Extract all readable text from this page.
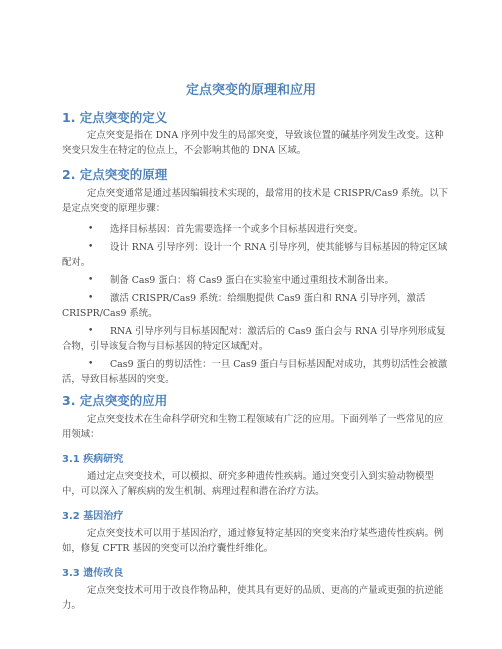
定点突变的原理和应用
1. 定点突变的定义

定点突变是指在 DNA 序列中发生的局部突变，导致该位置的碱基序列发生改变。这种突变只发生在特定的位点上，不会影响其他的 DNA 区域。

2. 定点突变的原理

定点突变通常是通过基因编辑技术实现的，最常用的技术是 CRISPR/Cas9 系统。以下是定点突变的原理步骤：

• 选择目标基因：首先需要选择一个或多个目标基因进行突变。
• 设计 RNA 引导序列：设计一个 RNA 引导序列，使其能够与目标基因的特定区域配对。
• 制备 Cas9 蛋白：将 Cas9 蛋白在实验室中通过重组技术制备出来。
• 激活 CRISPR/Cas9 系统：给细胞提供 Cas9 蛋白和 RNA 引导序列，激活 CRISPR/Cas9 系统。
• RNA 引导序列与目标基因配对：激活后的 Cas9 蛋白会与 RNA 引导序列形成复合物，引导该复合物与目标基因的特定区域配对。
• Cas9 蛋白的剪切活性：一旦 Cas9 蛋白与目标基因配对成功，其剪切活性会被激活，导致目标基因的突变。
3. 定点突变的应用

定点突变技术在生命科学研究和生物工程领域有广泛的应用。下面列举了一些常见的应用领域：

3.1 疾病研究

通过定点突变技术，可以模拟、研究多种遗传性疾病。通过突变引入到实验动物模型中，可以深入了解疾病的发生机制、病理过程和潜在治疗方法。

3.2 基因治疗

定点突变技术可以用于基因治疗，通过修复特定基因的突变来治疗某些遗传性疾病。例如，修复 CFTR 基因的突变可以治疗囊性纤维化。

3.3 遗传改良

定点突变技术可用于改良作物品种，使其具有更好的品质、更高的产量或更强的抗逆能力。
